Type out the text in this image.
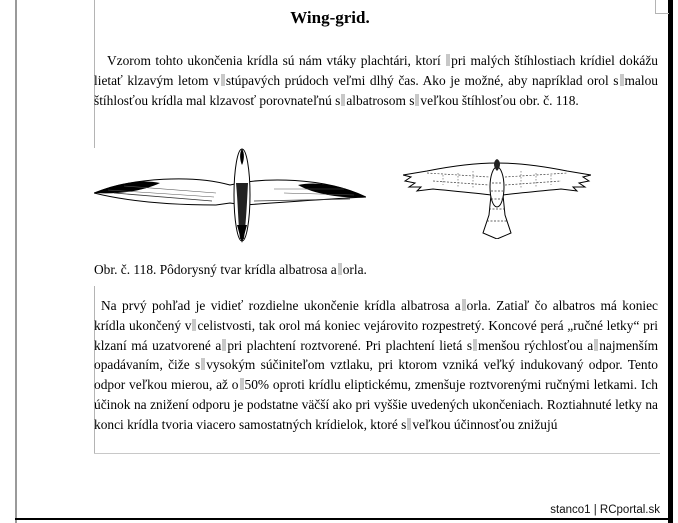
Wing-grid.
Vzorom tohto ukončenia krídla sú nám vtáky plachtári, ktorí pri malých štíhlostiach krídiel dokážu lietať klzavým letom v stúpavých prúdoch veľmi dlhý čas. Ako je možné, aby napríklad orol s malou štíhlosťou krídla mal klzavosť porovnateľnú s albatrosom s veľkou štíhlosťou obr. č. 118.
Obr. č. 118. Pôdorysný tvar krídla albatrosa a orla.
Na prvý pohľad je vidieť rozdielne ukončenie krídla albatrosa a orla. Zatiaľ čo albatros má koniec krídla ukončený v celistvosti, tak orol má koniec vejárovito rozpestretý. Koncové perá „ručné letky“ pri klzaní má uzatvorené a pri plachtení roztvorené. Pri plachtení lietá s menšou rýchlosťou a najmenším opadávaním, čiže s vysokým súčiniteľom vztlaku, pri ktorom vzniká veľký indukovaný odpor. Tento odpor veľkou mierou, až o 50% oproti krídlu eliptickému, zmenšuje roztvorenými ručnými letkami. Ich účinok na znižení odporu je podstatne väčší ako pri vyššie uvedených ukončeniach. Roztiahnuté letky na konci krídla tvoria viacero samostatných krídielok, ktoré s veľkou účinnosťou znižujú
stanco1 | RCportal.sk
